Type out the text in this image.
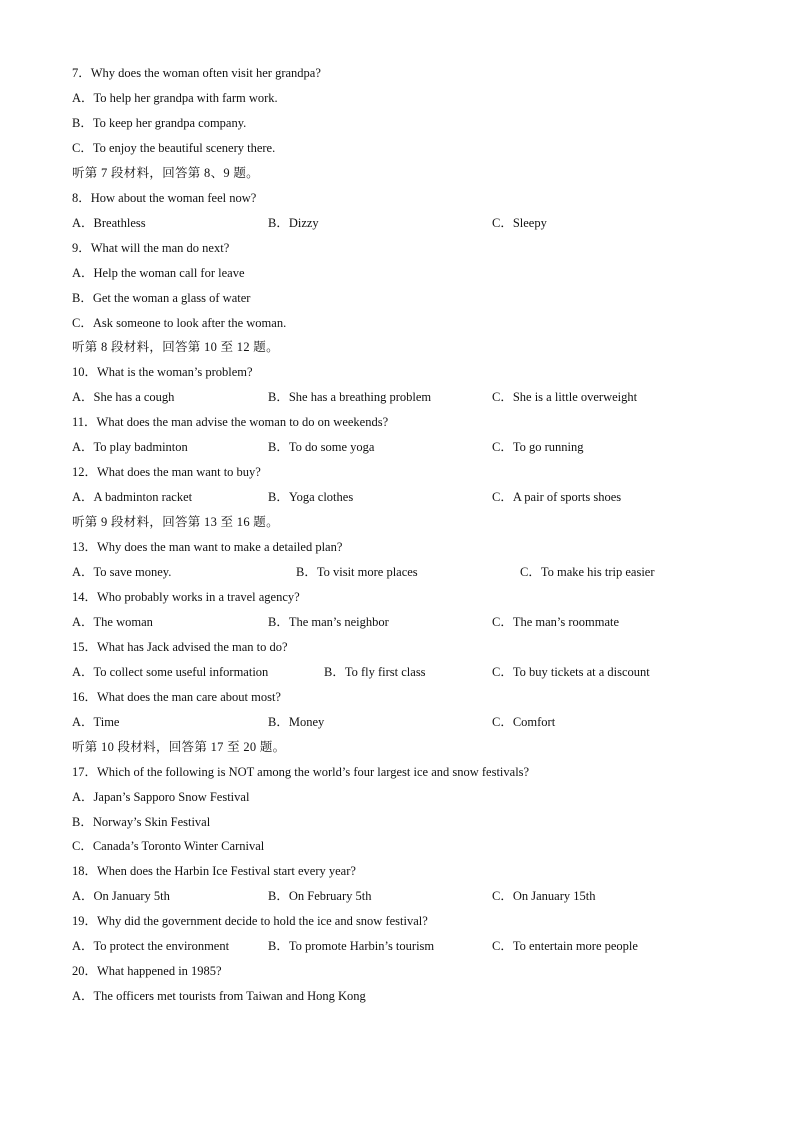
7．Why does the woman often visit her grandpa?
A．To help her grandpa with farm work.
B．To keep her grandpa company.
C．To enjoy the beautiful scenery there.
听第 7 段材料，回答第 8、9 题。
8．How about the woman feel now?
A．Breathless	B．Dizzy	C．Sleepy
9．What will the man do next?
A．Help the woman call for leave
B．Get the woman a glass of water
C．Ask someone to look after the woman.
听第 8 段材料，回答第 10 至 12 题。
10．What is the woman’s problem?
A．She has a cough	B．She has a breathing problem	C．She is a little overweight
11．What does the man advise the woman to do on weekends?
A．To play badminton	B．To do some yoga	C．To go running
12．What does the man want to buy?
A．A badminton racket	B．Yoga clothes	C．A pair of sports shoes
听第 9 段材料，回答第 13 至 16 题。
13．Why does the man want to make a detailed plan?
A．To save money.	B．To visit more places	C．To make his trip easier
14．Who probably works in a travel agency?
A．The woman	B．The man’s neighbor	C．The man’s roommate
15．What has Jack advised the man to do?
A．To collect some useful information	B．To fly first class	C．To buy tickets at a discount
16．What does the man care about most?
A．Time	B．Money	C．Comfort
听第 10 段材料，回答第 17 至 20 题。
17．Which of the following is NOT among the world’s four largest ice and snow festivals?
A．Japan’s Sapporo Snow Festival
B．Norway’s Skin Festival
C．Canada’s Toronto Winter Carnival
18．When does the Harbin Ice Festival start every year?
A．On January 5th	B．On February 5th	C．On January 15th
19．Why did the government decide to hold the ice and snow festival?
A．To protect the environment	B．To promote Harbin’s tourism	C．To entertain more people
20．What happened in 1985?
A．The officers met tourists from Taiwan and Hong Kong
